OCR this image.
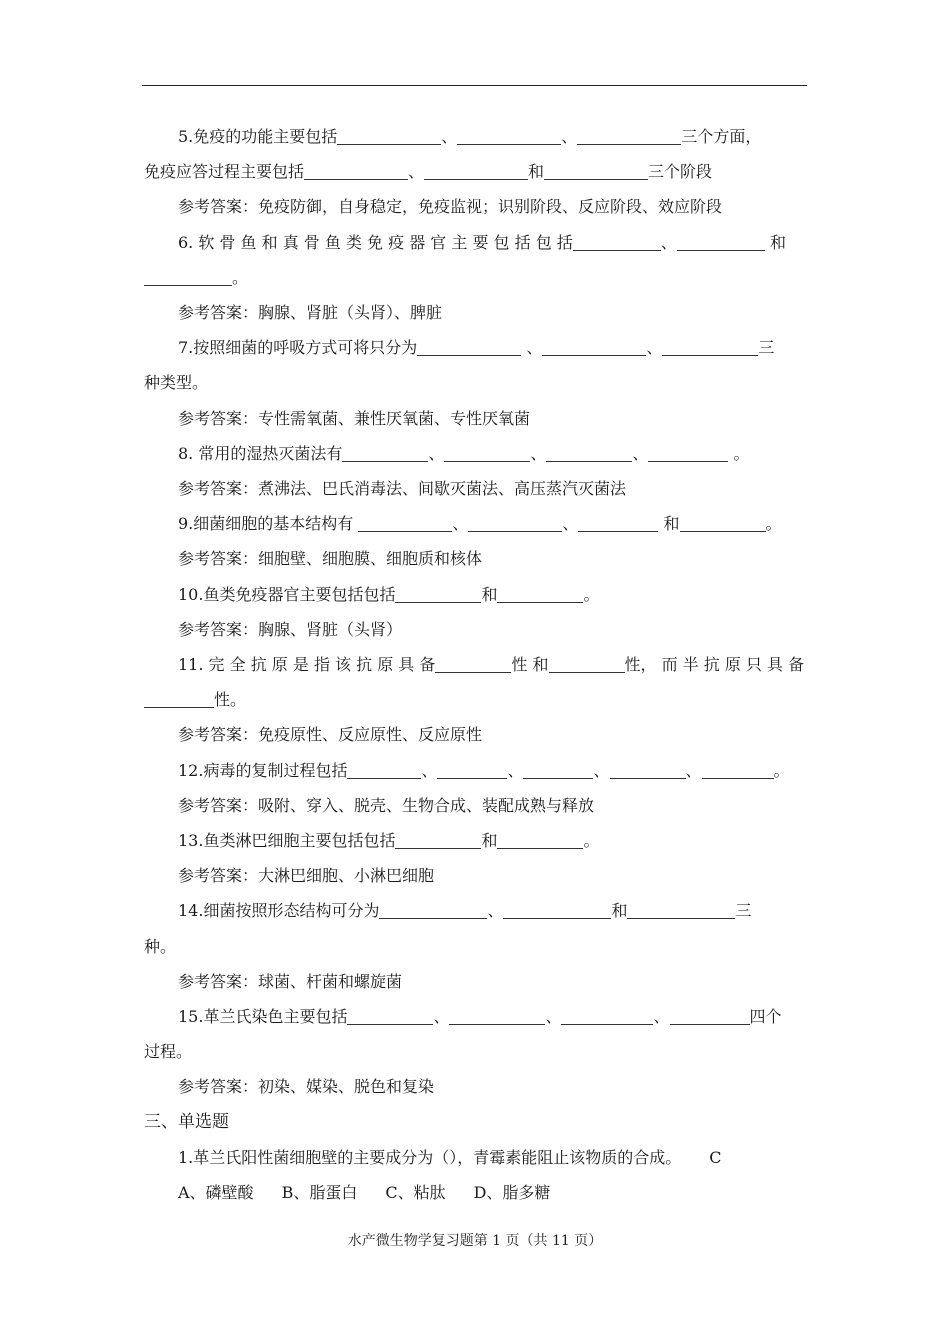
5.免疫的功能主要包括	、	、	三个方面，

免疫应答过程主要包括	、	和	三个阶段

参考答案：免疫防御，自身稳定，免疫监视；识别阶段、反应阶段、效应阶段

6. 软 骨 鱼 和 真 骨 鱼 类 免 疫 器 官 主 要 包 括 包 括	、	和

。

参考答案：胸腺、肾脏（头肾）、脾脏

7.按照细菌的呼吸方式可将只分为	、	、	三

种类型。

参考答案：专性需氧菌、兼性厌氧菌、专性厌氧菌

8. 常用的湿热灭菌法有	、	、	、	。

参考答案：煮沸法、巴氏消毒法、间歇灭菌法、高压蒸汽灭菌法

9.细菌细胞的基本结构有	、	、	和	。

参考答案：细胞壁、细胞膜、细胞质和核体

10.鱼类免疫器官主要包括包括	和	。

参考答案：胸腺、肾脏（头肾）

11. 完 全 抗 原 是 指 该 抗 原 具 备	性 和	性， 而 半 抗 原 只 具 备

性。

参考答案：免疫原性、反应原性、反应原性

12.病毒的复制过程包括	、	、	、	、	。

参考答案：吸附、穿入、脱壳、生物合成、装配成熟与释放

13.鱼类淋巴细胞主要包括包括	和	。

参考答案：大淋巴细胞、小淋巴细胞

14.细菌按照形态结构可分为	、	和	三

种。

参考答案：球菌、杆菌和螺旋菌

15.革兰氏染色主要包括	、	、	、	四个

过程。

参考答案：初染、媒染、脱色和复染

三、单选题

1.革兰氏阳性菌细胞壁的主要成分为（），青霉素能阻止该物质的合成。 C

A、磷壁酸 B、脂蛋白 C、粘肽 D、脂多糖

水产微生物学复习题第 1 页（共 11 页）
